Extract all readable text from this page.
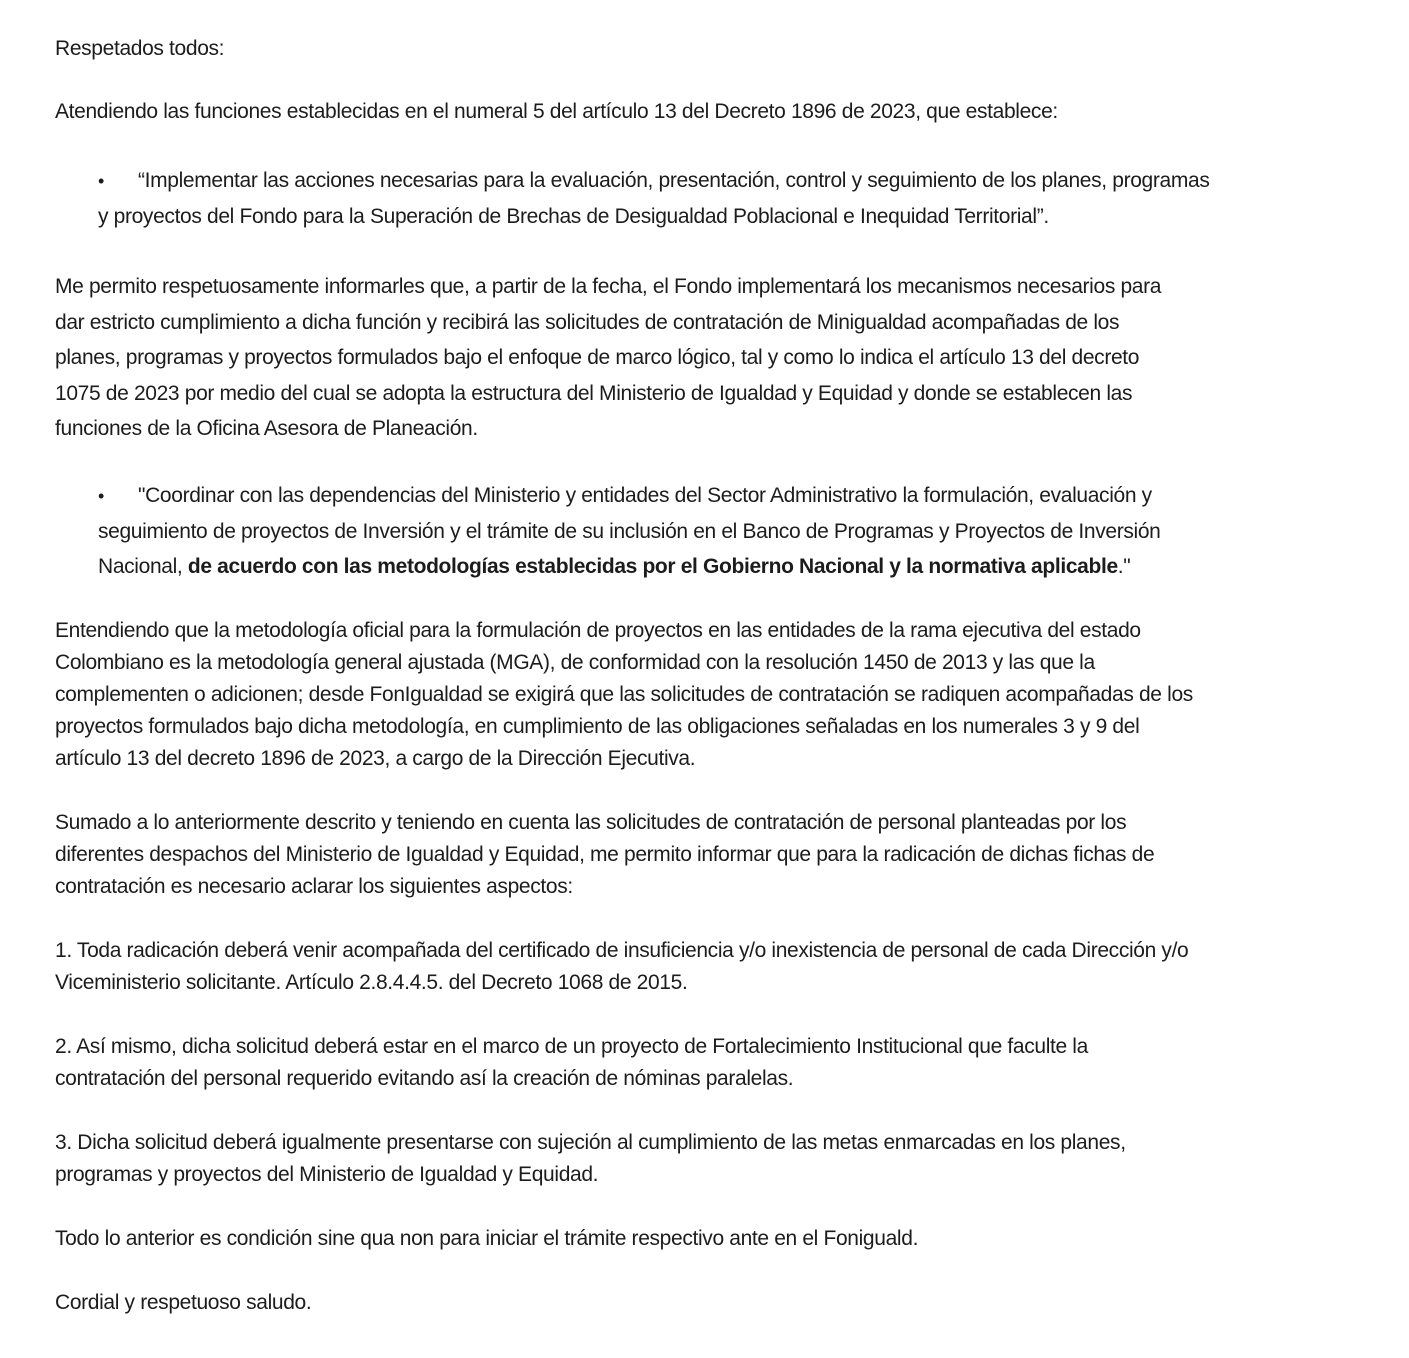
Respetados todos:
Atendiendo las funciones establecidas en el numeral 5 del artículo 13 del Decreto 1896 de 2023, que establece:
• “Implementar las acciones necesarias para la evaluación, presentación, control y seguimiento de los planes, programas
y proyectos del Fondo para la Superación de Brechas de Desigualdad Poblacional e Inequidad Territorial”.
Me permito respetuosamente informarles que, a partir de la fecha, el Fondo implementará los mecanismos necesarios para
dar estricto cumplimiento a dicha función y recibirá las solicitudes de contratación de Minigualdad acompañadas de los
planes, programas y proyectos formulados bajo el enfoque de marco lógico, tal y como lo indica el artículo 13 del decreto
1075 de 2023 por medio del cual se adopta la estructura del Ministerio de Igualdad y Equidad y donde se establecen las
funciones de la Oficina Asesora de Planeación.
• "Coordinar con las dependencias del Ministerio y entidades del Sector Administrativo la formulación, evaluación y
seguimiento de proyectos de Inversión y el trámite de su inclusión en el Banco de Programas y Proyectos de Inversión
Nacional, de acuerdo con las metodologías establecidas por el Gobierno Nacional y la normativa aplicable."
Entendiendo que la metodología oficial para la formulación de proyectos en las entidades de la rama ejecutiva del estado
Colombiano es la metodología general ajustada (MGA), de conformidad con la resolución 1450 de 2013 y las que la
complementen o adicionen; desde FonIgualdad se exigirá que las solicitudes de contratación se radiquen acompañadas de los
proyectos formulados bajo dicha metodología, en cumplimiento de las obligaciones señaladas en los numerales 3 y 9 del
artículo 13 del decreto 1896 de 2023, a cargo de la Dirección Ejecutiva.
Sumado a lo anteriormente descrito y teniendo en cuenta las solicitudes de contratación de personal planteadas por los
diferentes despachos del Ministerio de Igualdad y Equidad, me permito informar que para la radicación de dichas fichas de
contratación es necesario aclarar los siguientes aspectos:
1. Toda radicación deberá venir acompañada del certificado de insuficiencia y/o inexistencia de personal de cada Dirección y/o
Viceministerio solicitante. Artículo 2.8.4.4.5. del Decreto 1068 de 2015.
2. Así mismo, dicha solicitud deberá estar en el marco de un proyecto de Fortalecimiento Institucional que faculte la
contratación del personal requerido evitando así la creación de nóminas paralelas.
3. Dicha solicitud deberá igualmente presentarse con sujeción al cumplimiento de las metas enmarcadas en los planes,
programas y proyectos del Ministerio de Igualdad y Equidad.
Todo lo anterior es condición sine qua non para iniciar el trámite respectivo ante en el Foniguald.
Cordial y respetuoso saludo.
